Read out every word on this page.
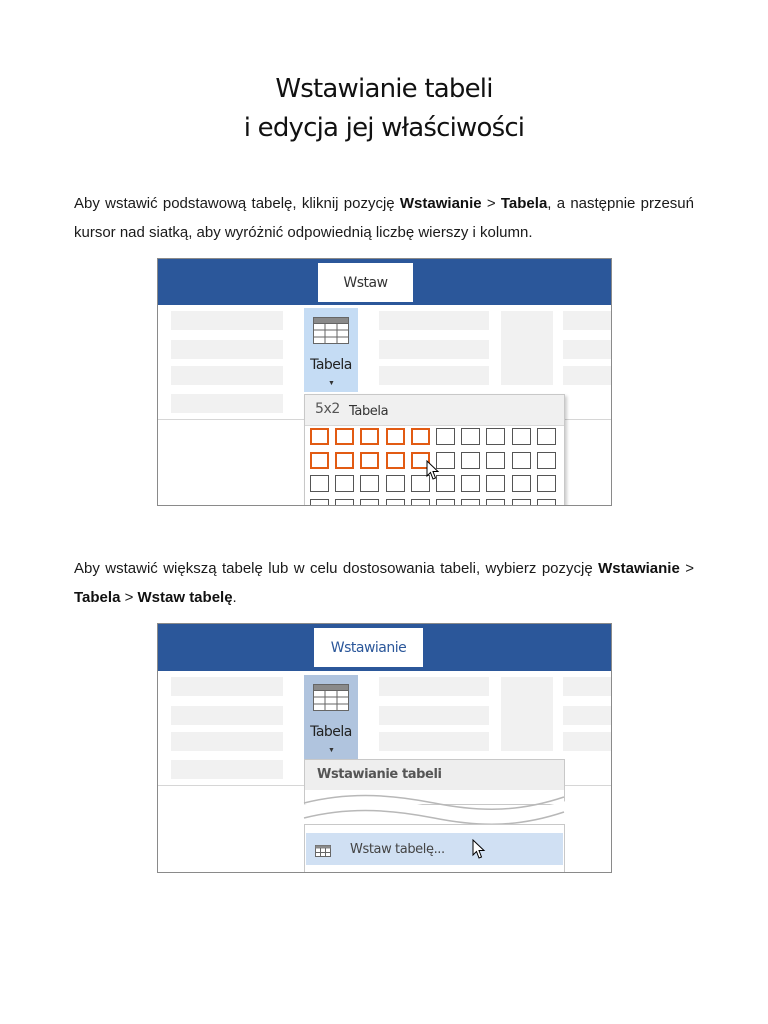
Wstawianie tabeli
i edycja jej właściwości

Aby wstawić podstawową tabelę, kliknij pozycję Wstawianie > Tabela, a następnie przesuń kursor nad siatką, aby wyróżnić odpowiednią liczbę wierszy i kolumn.

Wstaw
Tabela
▼
5x2 Tabela

Aby wstawić większą tabelę lub w celu dostosowania tabeli, wybierz pozycję Wstawianie > Tabela > Wstaw tabelę.

Wstawianie
Tabela
▼
Wstawianie tabeli
Wstaw tabelę...
